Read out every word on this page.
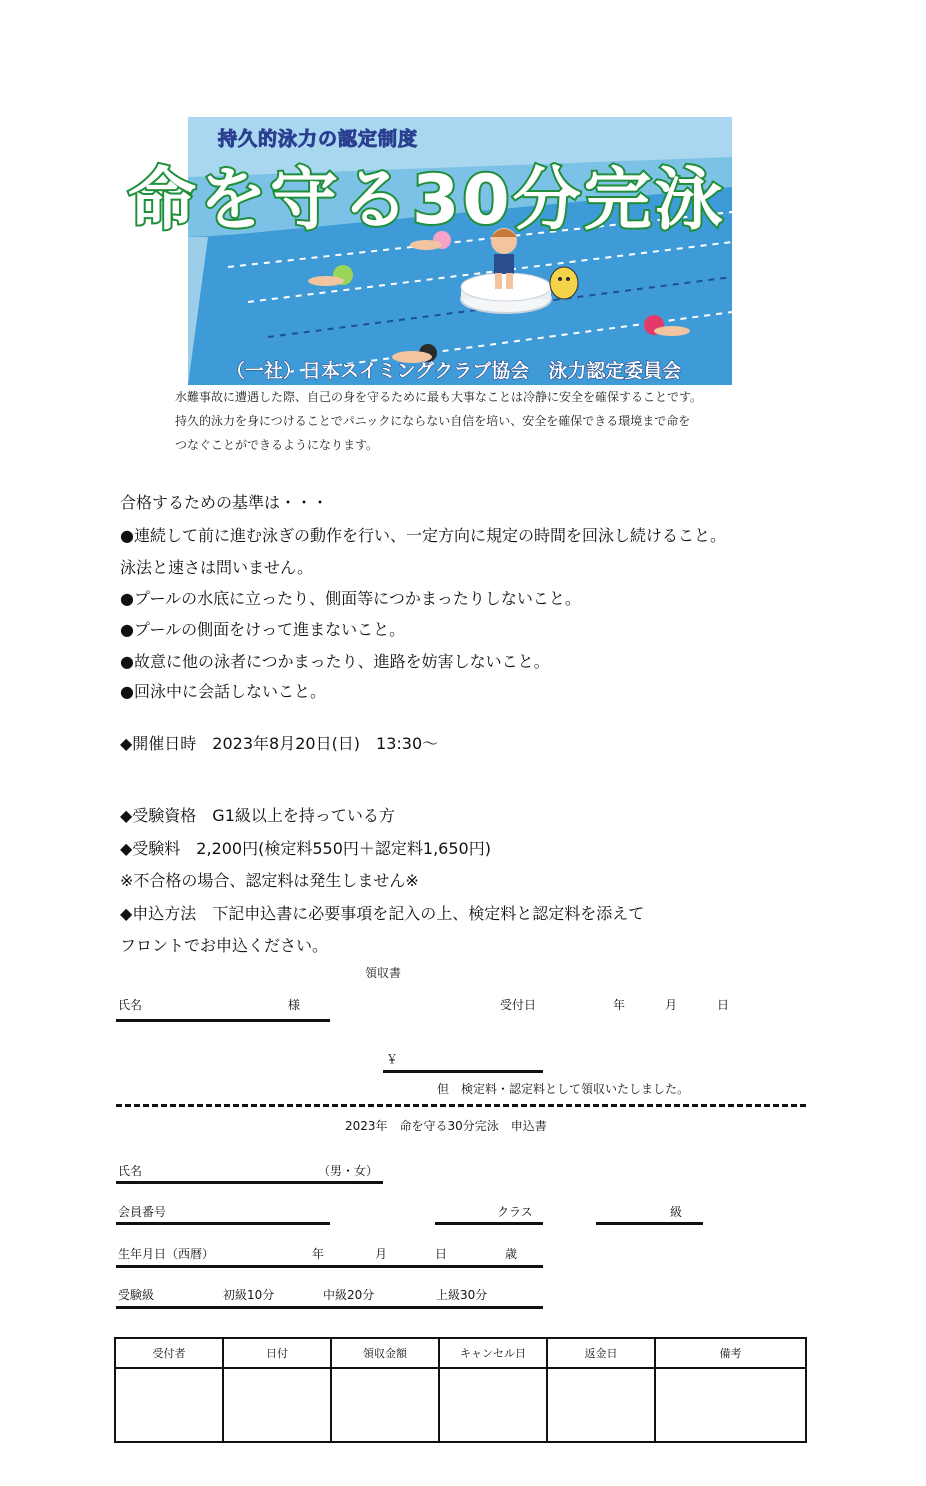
持久的泳力の認定制度
命を守る30分完泳
（一社）日本スイミングクラブ協会　泳力認定委員会
水難事故に遭遇した際、自己の身を守るために最も大事なことは冷静に安全を確保することです。
持久的泳力を身につけることでパニックにならない自信を培い、安全を確保できる環境まで命を
つなぐことができるようになります。
合格するための基準は・・・
●連続して前に進む泳ぎの動作を行い、一定方向に規定の時間を回泳し続けること。
泳法と速さは問いません。
●プールの水底に立ったり、側面等につかまったりしないこと。
●プールの側面をけって進まないこと。
●故意に他の泳者につかまったり、進路を妨害しないこと。
●回泳中に会話しないこと。
◆開催日時　2023年8月20日(日)　13:30～
◆受験資格　G1級以上を持っている方
◆受験料　2,200円(検定料550円＋認定料1,650円)
※不合格の場合、認定料は発生しません※
◆申込方法　下記申込書に必要事項を記入の上、検定料と認定料を添えて
フロントでお申込ください。
領収書
氏名	様	受付日	年	月	日
￥
但　検定料・認定料として領収いたしました。
2023年　命を守る30分完泳　申込書
氏名	（男・女）
会員番号	クラス	級
生年月日（西暦）	年	月	日	歳
受験級	初級10分	中級20分	上級30分
受付者	日付	領収金額	キャンセル日	返金日	備考
